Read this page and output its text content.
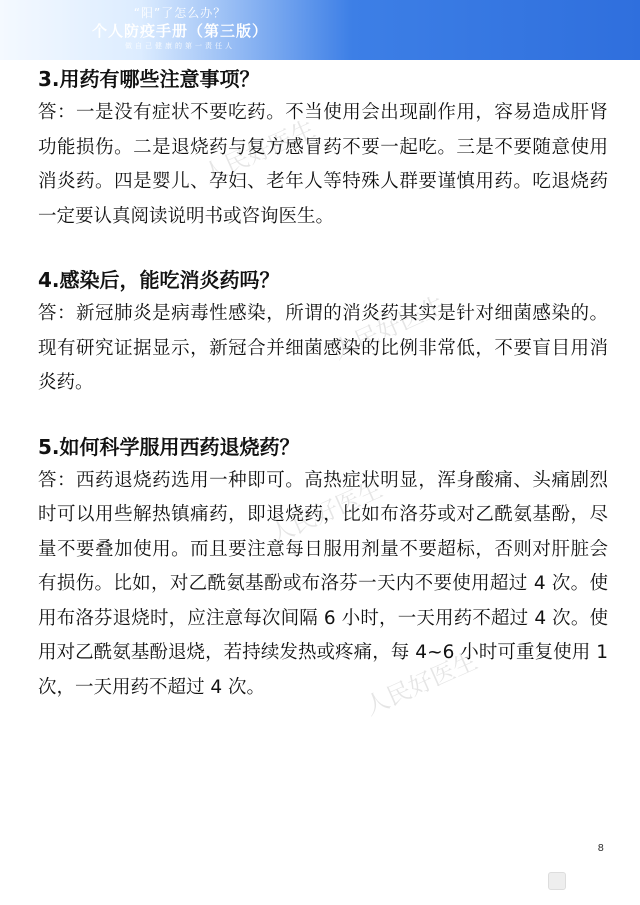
“阳”了怎么办？
个人防疫手册（第三版）
做自己健康的第一责任人
人民好医生
人民好医生
人民好医生
人民好医生
3.用药有哪些注意事项？

答：一是没有症状不要吃药。不当使用会出现副作用，容易造成肝肾功能损伤。二是退烧药与复方感冒药不要一起吃。三是不要随意使用消炎药。四是婴儿、孕妇、老年人等特殊人群要谨慎用药。吃退烧药一定要认真阅读说明书或咨询医生。

4.感染后，能吃消炎药吗？

答：新冠肺炎是病毒性感染，所谓的消炎药其实是针对细菌感染的。现有研究证据显示，新冠合并细菌感染的比例非常低，不要盲目用消炎药。

5.如何科学服用西药退烧药？

答：西药退烧药选用一种即可。高热症状明显，浑身酸痛、头痛剧烈时可以用些解热镇痛药，即退烧药，比如布洛芬或对乙酰氨基酚，尽量不要叠加使用。而且要注意每日服用剂量不要超标，否则对肝脏会有损伤。比如，对乙酰氨基酚或布洛芬一天内不要使用超过 4 次。使用布洛芬退烧时，应注意每次间隔 6 小时，一天用药不超过 4 次。使用对乙酰氨基酚退烧，若持续发热或疼痛，每 4~6 小时可重复使用 1 次，一天用药不超过 4 次。

8
